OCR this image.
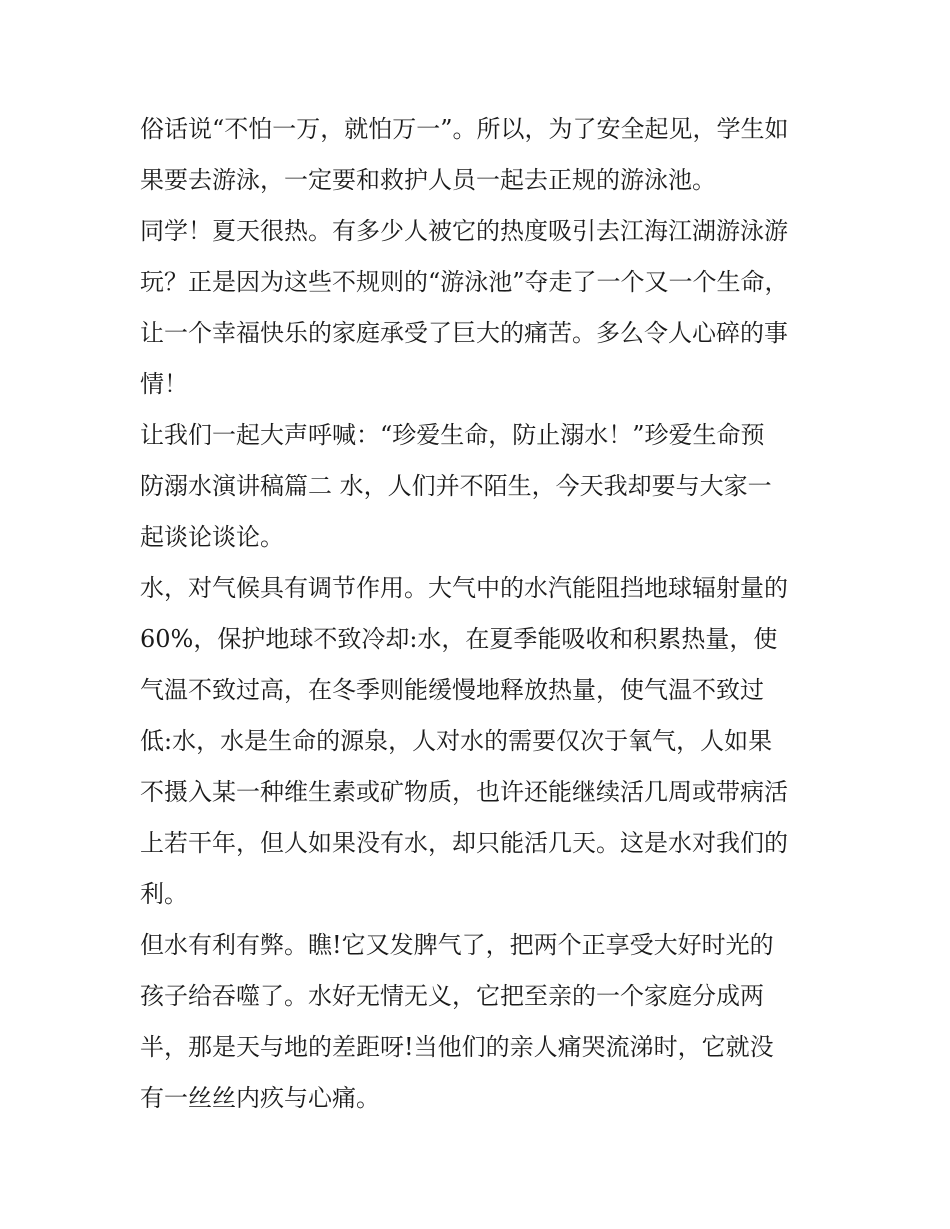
俗话说“不怕一万，就怕万一”。所以，为了安全起见，学生如
果要去游泳，一定要和救护人员一起去正规的游泳池。
同学！夏天很热。有多少人被它的热度吸引去江海江湖游泳游
玩？正是因为这些不规则的“游泳池”夺走了一个又一个生命，
让一个幸福快乐的家庭承受了巨大的痛苦。多么令人心碎的事
情！
让我们一起大声呼喊：“珍爱生命，防止溺水！”珍爱生命预
防溺水演讲稿篇二 水，人们并不陌生，今天我却要与大家一
起谈论谈论。
水，对气候具有调节作用。大气中的水汽能阻挡地球辐射量的
60%，保护地球不致冷却:水，在夏季能吸收和积累热量，使
气温不致过高，在冬季则能缓慢地释放热量，使气温不致过
低:水，水是生命的源泉，人对水的需要仅次于氧气，人如果
不摄入某一种维生素或矿物质，也许还能继续活几周或带病活
上若干年，但人如果没有水，却只能活几天。这是水对我们的
利。
但水有利有弊。瞧!它又发脾气了，把两个正享受大好时光的
孩子给吞噬了。水好无情无义，它把至亲的一个家庭分成两
半，那是天与地的差距呀!当他们的亲人痛哭流涕时，它就没
有一丝丝内疚与心痛。
